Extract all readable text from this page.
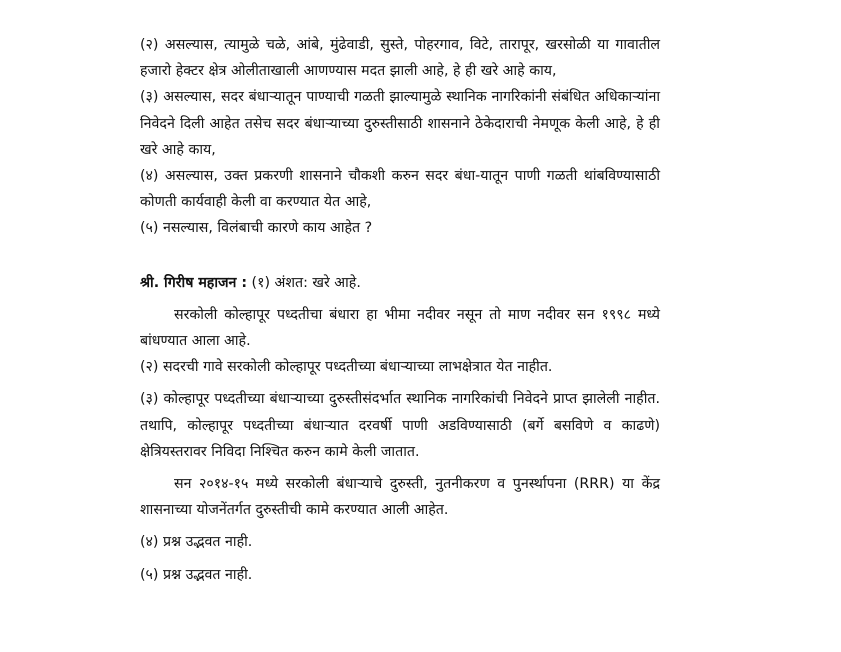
(२) असल्यास, त्यामुळे चळे, आंबे, मुंढेवाडी, सुस्ते, पोहरगाव, विटे, तारापूर, खरसोळी या गावातील हजारो हेक्टर क्षेत्र ओलीताखाली आणण्यास मदत झाली आहे, हे ही खरे आहे काय,

(३) असल्यास, सदर बंधाऱ्यातून पाण्याची गळती झाल्यामुळे स्थानिक नागरिकांनी संबंधित अधिकाऱ्यांना निवेदने दिली आहेत तसेच सदर बंधाऱ्याच्या दुरुस्तीसाठी शासनाने ठेकेदाराची नेमणूक केली आहे, हे ही खरे आहे काय,

(४) असल्यास, उक्त प्रकरणी शासनाने चौकशी करुन सदर बंधा-यातून पाणी गळती थांबविण्यासाठी कोणती कार्यवाही केली वा करण्यात येत आहे,

(५) नसल्यास, विलंबाची कारणे काय आहेत ?

श्री. गिरीष महाजन : (१) अंशत: खरे आहे.

सरकोली कोल्हापूर पध्दतीचा बंधारा हा भीमा नदीवर नसून तो माण नदीवर सन १९९८ मध्ये बांधण्यात आला आहे.

(२) सदरची गावे सरकोली कोल्हापूर पध्दतीच्या बंधाऱ्याच्या लाभक्षेत्रात येत नाहीत.

(३) कोल्हापूर पध्दतीच्या बंधाऱ्याच्या दुरुस्तीसंदर्भात स्थानिक नागरिकांची निवेदने प्राप्त झालेली नाहीत. तथापि, कोल्हापूर पध्दतीच्या बंधाऱ्यात दरवर्षी पाणी अडविण्यासाठी (बर्गे बसविणे व काढणे) क्षेत्रियस्तरावर निविदा निश्चित करुन कामे केली जातात.

सन २०१४-१५ मध्ये सरकोली बंधाऱ्याचे दुरुस्ती, नुतनीकरण व पुनर्स्थापना (RRR) या केंद्र शासनाच्या योजनेंतर्गत दुरुस्तीची कामे करण्यात आली आहेत.

(४) प्रश्न उद्भवत नाही.

(५) प्रश्न उद्भवत नाही.
